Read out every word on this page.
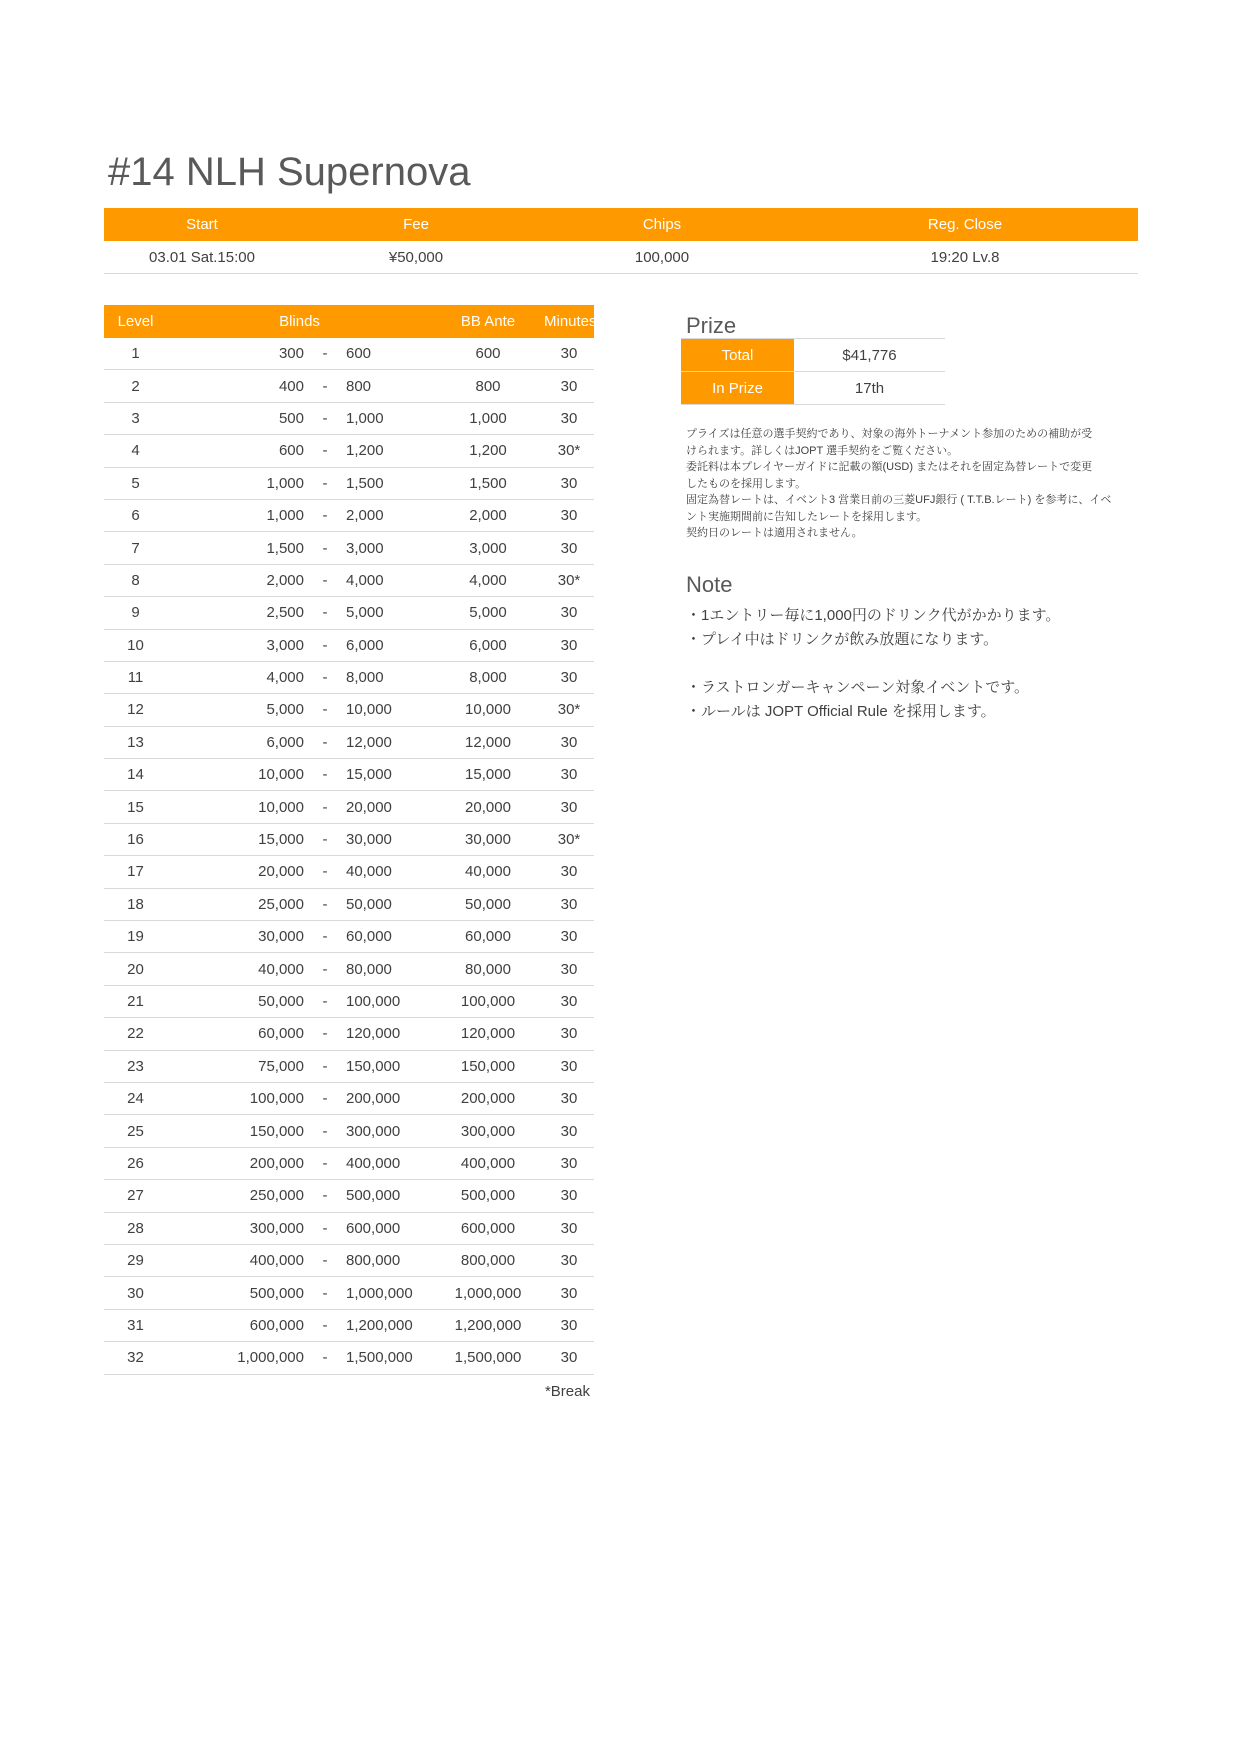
#14 NLH Supernova
Start	Fee	Chips	Reg. Close
03.01 Sat.15:00	¥50,000	100,000	19:20 Lv.8
Level	Blinds	BB Ante	Minutes
1	300	-	600	600	30
2	400	-	800	800	30
3	500	-	1,000	1,000	30
4	600	-	1,200	1,200	30*
5	1,000	-	1,500	1,500	30
6	1,000	-	2,000	2,000	30
7	1,500	-	3,000	3,000	30
8	2,000	-	4,000	4,000	30*
9	2,500	-	5,000	5,000	30
10	3,000	-	6,000	6,000	30
11	4,000	-	8,000	8,000	30
12	5,000	-	10,000	10,000	30*
13	6,000	-	12,000	12,000	30
14	10,000	-	15,000	15,000	30
15	10,000	-	20,000	20,000	30
16	15,000	-	30,000	30,000	30*
17	20,000	-	40,000	40,000	30
18	25,000	-	50,000	50,000	30
19	30,000	-	60,000	60,000	30
20	40,000	-	80,000	80,000	30
21	50,000	-	100,000	100,000	30
22	60,000	-	120,000	120,000	30
23	75,000	-	150,000	150,000	30
24	100,000	-	200,000	200,000	30
25	150,000	-	300,000	300,000	30
26	200,000	-	400,000	400,000	30
27	250,000	-	500,000	500,000	30
28	300,000	-	600,000	600,000	30
29	400,000	-	800,000	800,000	30
30	500,000	-	1,000,000	1,000,000	30
31	600,000	-	1,200,000	1,200,000	30
32	1,000,000	-	1,500,000	1,500,000	30
*Break
Prize
Total	$41,776
In Prize	17th

プライズは任意の選手契約であり、対象の海外トーナメント参加のための補助が受

けられます。詳しくはJOPT 選手契約をご覧ください。

委託料は本プレイヤーガイドに記載の額(USD) またはそれを固定為替レートで変更

したものを採用します。

固定為替レートは、イベント3 営業日前の三菱UFJ銀行 ( T.T.B.レート) を参考に、イベ

ント実施期間前に告知したレートを採用します。

契約日のレートは適用されません。

Note
・1エントリー毎に1,000円のドリンク代がかかります。
・プレイ中はドリンクが飲み放題になります。
・ラストロンガーキャンペーン対象イベントです。
・ルールは JOPT Official Rule を採用します。
